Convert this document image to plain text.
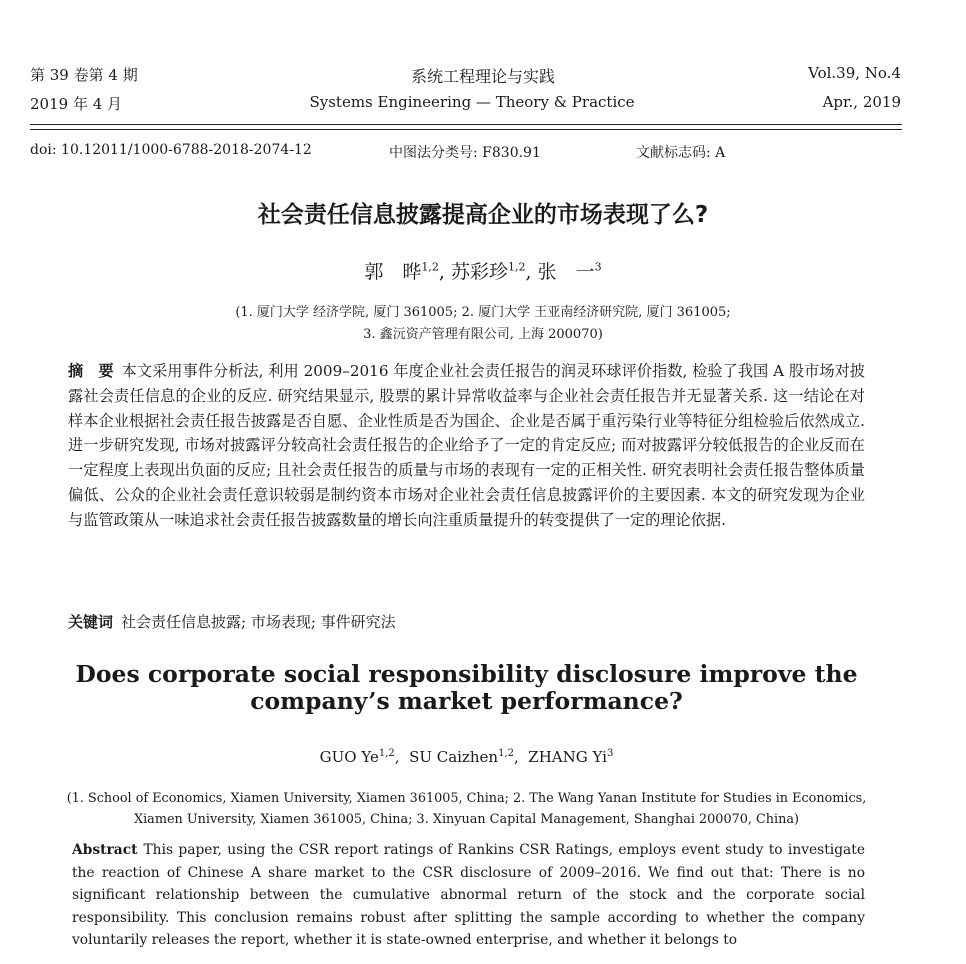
第 39 卷第 4 期
2019 年 4 月
系统工程理论与实践
Systems Engineering — Theory & Practice
Vol.39, No.4
Apr., 2019
doi: 10.12011/1000-6788-2018-2074-12	中图法分类号: F830.91	文献标志码: A
社会责任信息披露提高企业的市场表现了么?
郭　晔$^{1,2}$, 苏彩珍$^{1,2}$, 张　一$^3$
(1. 厦门大学 经济学院, 厦门 361005; 2. 厦门大学 王亚南经济研究院, 厦门 361005;
3. 鑫沅资产管理有限公司, 上海 200070)
摘　要 本文采用事件分析法, 利用 2009–2016 年度企业社会责任报告的润灵环球评价指数, 检验了我国 A 股市场对披露社会责任信息的企业的反应. 研究结果显示, 股票的累计异常收益率与企业社会责任报告并无显著关系. 这一结论在对样本企业根据社会责任报告披露是否自愿、企业性质是否为国企、企业是否属于重污染行业等特征分组检验后依然成立. 进一步研究发现, 市场对披露评分较高社会责任报告的企业给予了一定的肯定反应; 而对披露评分较低报告的企业反而在一定程度上表现出负面的反应; 且社会责任报告的质量与市场的表现有一定的正相关性. 研究表明社会责任报告整体质量偏低、公众的企业社会责任意识较弱是制约资本市场对企业社会责任信息披露评价的主要因素. 本文的研究发现为企业与监管政策从一味追求社会责任报告披露数量的增长向注重质量提升的转变提供了一定的理论依据.
关键词 社会责任信息披露; 市场表现; 事件研究法
Does corporate social responsibility disclosure improve the
company’s market performance?
GUO Ye$^{1,2}$,  SU Caizhen$^{1,2}$,  ZHANG Yi$^3$
(1. School of Economics, Xiamen University, Xiamen 361005, China; 2. The Wang Yanan Institute for Studies in Economics,
Xiamen University, Xiamen 361005, China; 3. Xinyuan Capital Management, Shanghai 200070, China)
Abstract This paper, using the CSR report ratings of Rankins CSR Ratings, employs event study to investigate the reaction of Chinese A share market to the CSR disclosure of 2009–2016. We find out that: There is no significant relationship between the cumulative abnormal return of the stock and the corporate social responsibility. This conclusion remains robust after splitting the sample according to whether the company voluntarily releases the report, whether it is state-owned enterprise, and whether it belongs to
